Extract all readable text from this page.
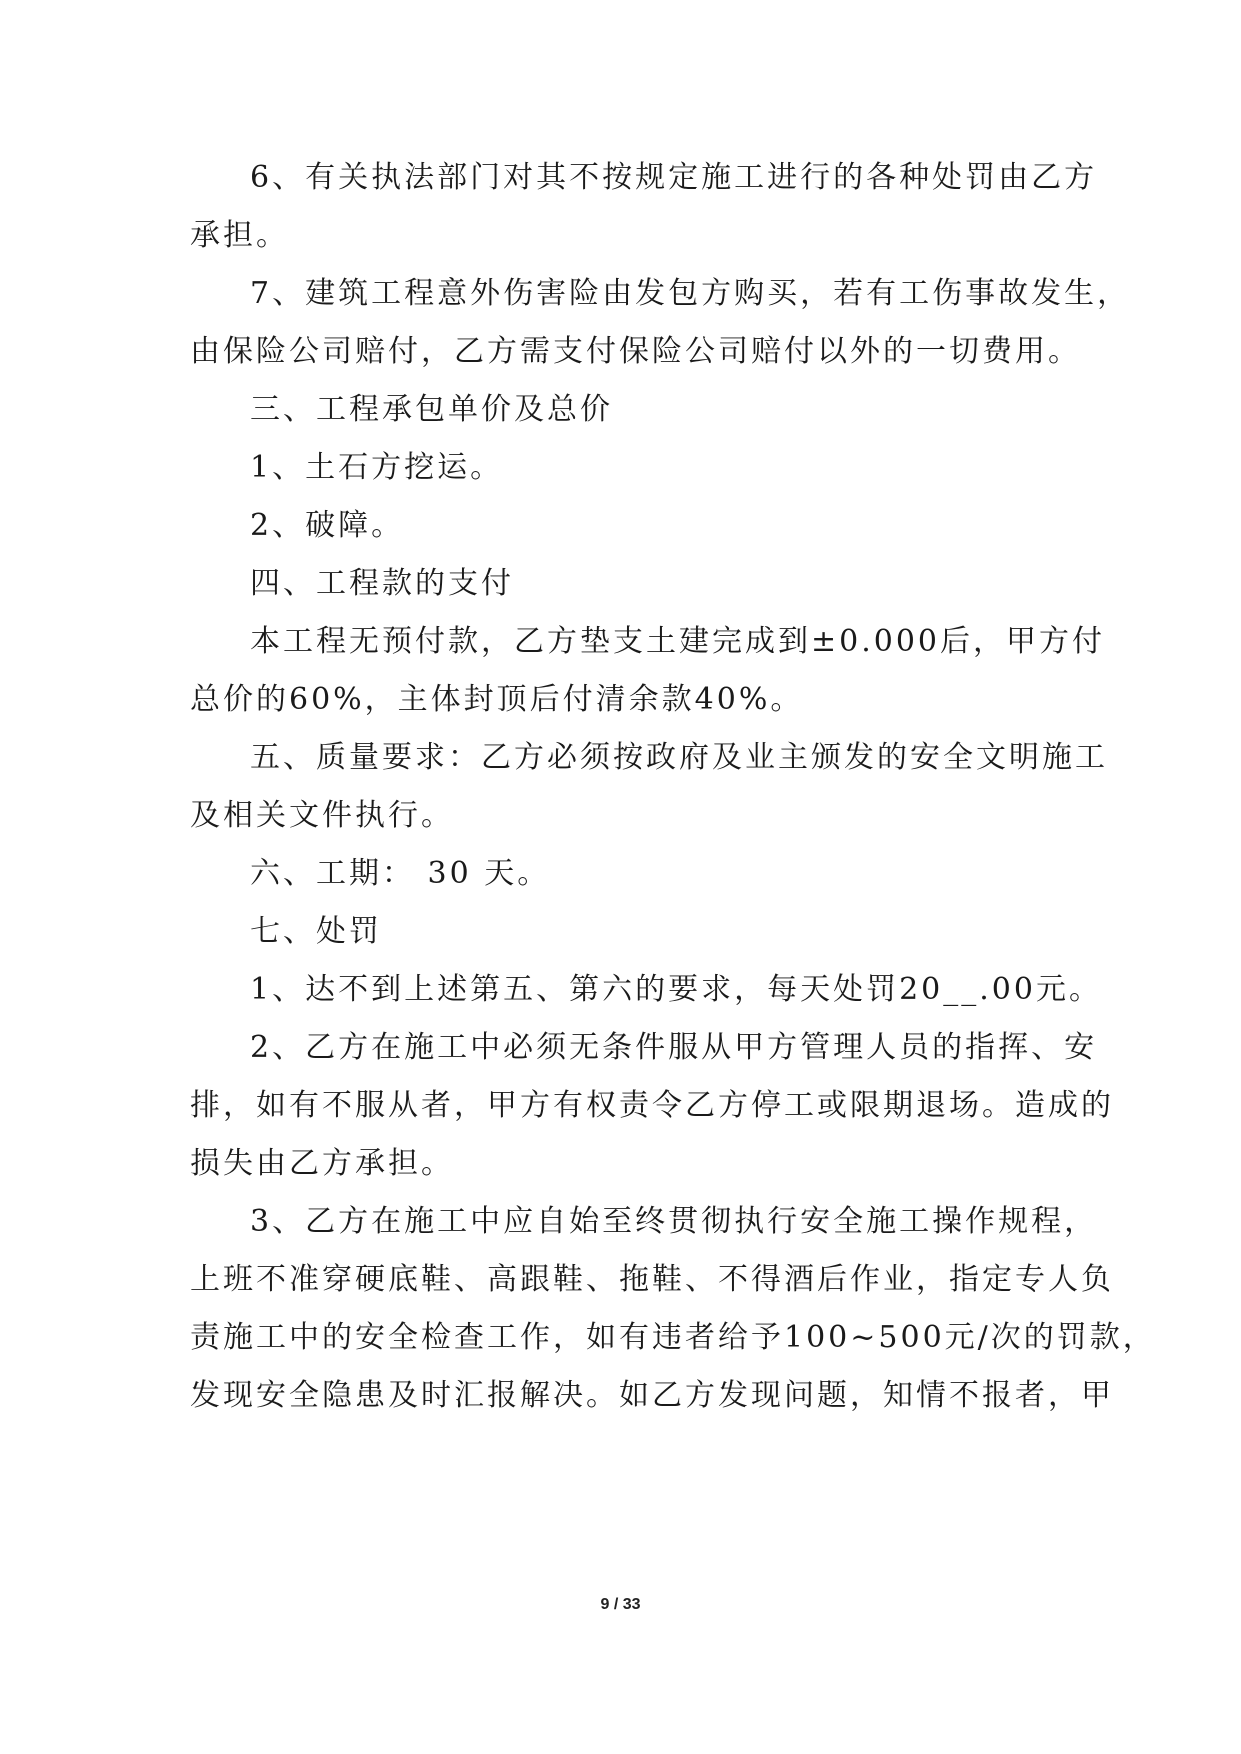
6、有关执法部门对其不按规定施工进行的各种处罚由乙方
承担。
7、建筑工程意外伤害险由发包方购买，若有工伤事故发生，
由保险公司赔付，乙方需支付保险公司赔付以外的一切费用。
三、工程承包单价及总价
1、土石方挖运。
2、破障。
四、工程款的支付
本工程无预付款，乙方垫支土建完成到±0.000后，甲方付
总价的60%，主体封顶后付清余款40%。
五、质量要求：乙方必须按政府及业主颁发的安全文明施工
及相关文件执行。
六、工期： 30 天。
七、处罚
1、达不到上述第五、第六的要求，每天处罚20__.00元。
2、乙方在施工中必须无条件服从甲方管理人员的指挥、安
排，如有不服从者，甲方有权责令乙方停工或限期退场。造成的
损失由乙方承担。
3、乙方在施工中应自始至终贯彻执行安全施工操作规程，
上班不准穿硬底鞋、高跟鞋、拖鞋、不得酒后作业，指定专人负
责施工中的安全检查工作，如有违者给予100~500元/次的罚款，
发现安全隐患及时汇报解决。如乙方发现问题，知情不报者，甲
9 / 33
